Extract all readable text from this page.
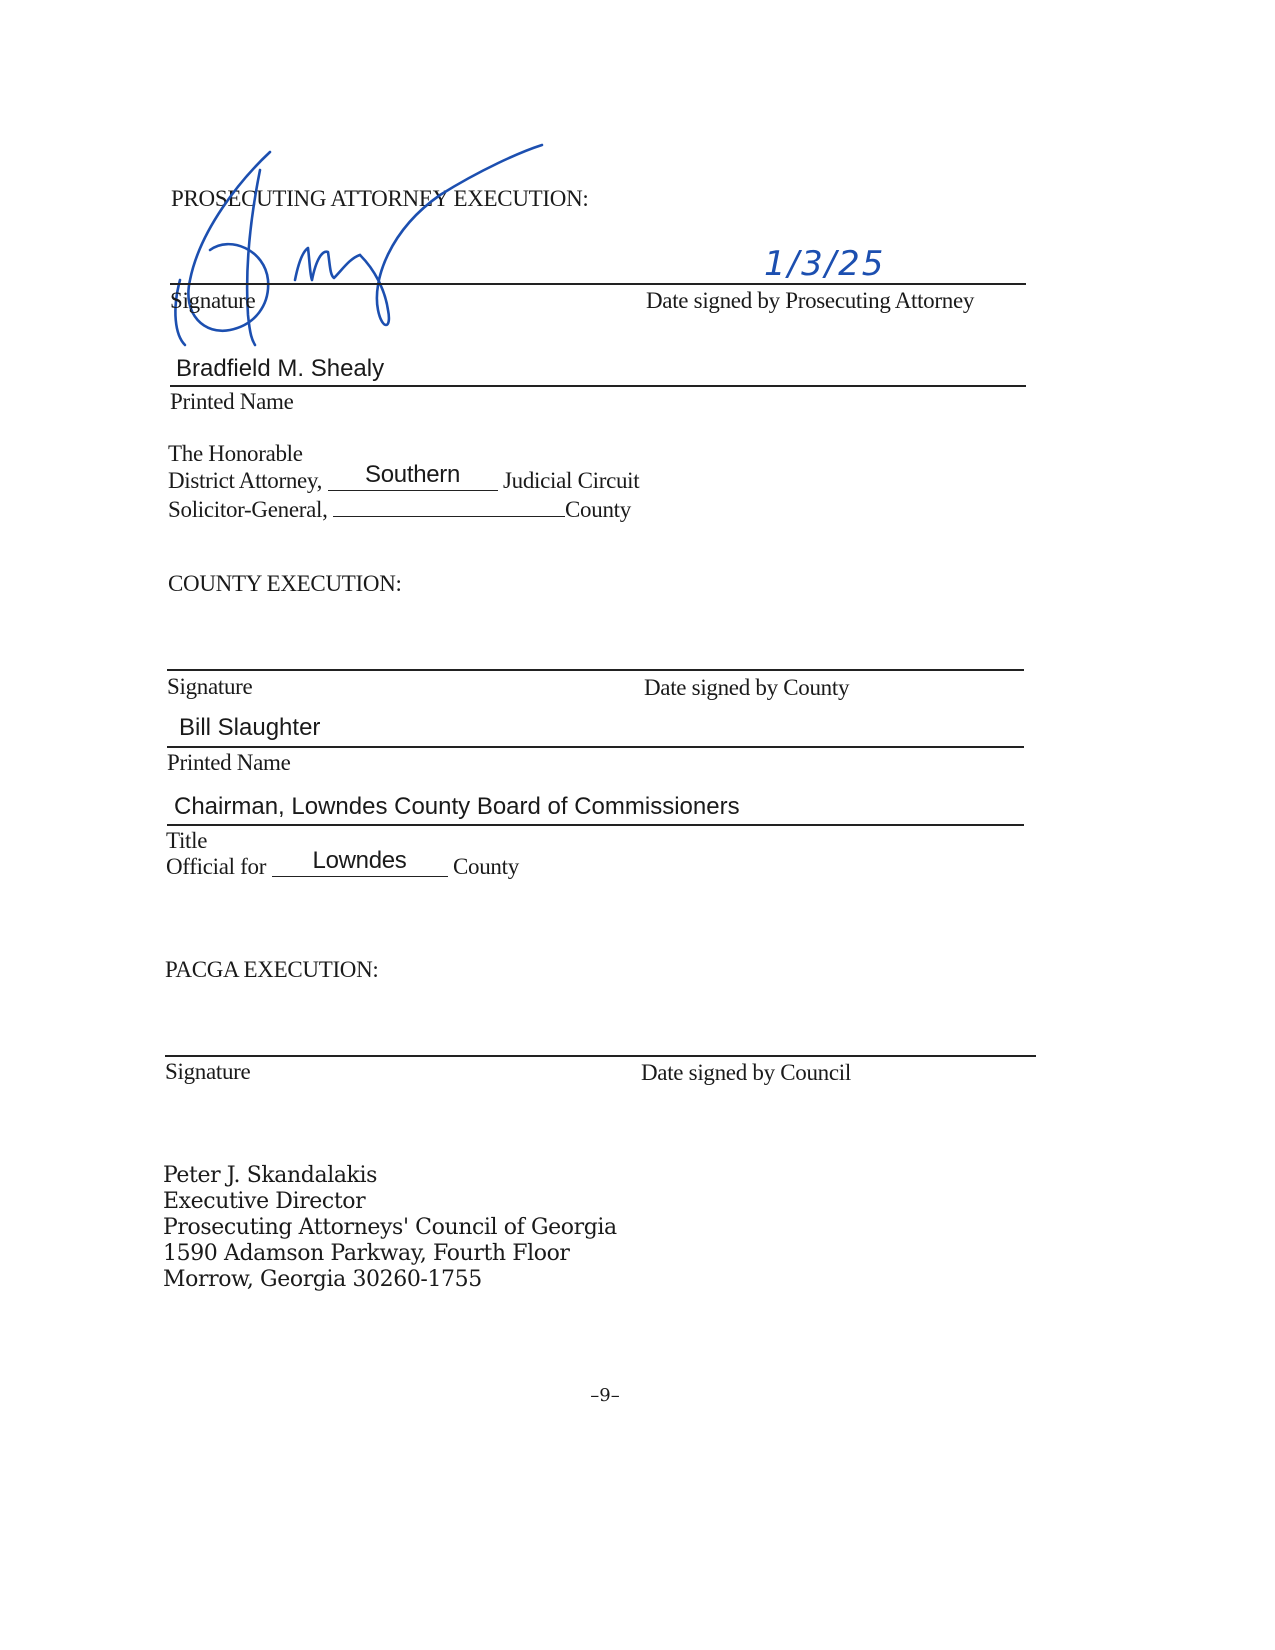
PROSECUTING ATTORNEY EXECUTION:
1/3/25
Signature	Date signed by Prosecuting Attorney
Bradfield M. Shealy
Printed Name
The Honorable
District Attorney, Southern Judicial Circuit
Solicitor-General,	County
COUNTY EXECUTION:
Signature	Date signed by County
Bill Slaughter
Printed Name
Chairman, Lowndes County Board of Commissioners
Title
Official for Lowndes County
PACGA EXECUTION:
Signature	Date signed by Council
Peter J. Skandalakis
Executive Director
Prosecuting Attorneys' Council of Georgia
1590 Adamson Parkway, Fourth Floor
Morrow, Georgia 30260-1755
–9–
